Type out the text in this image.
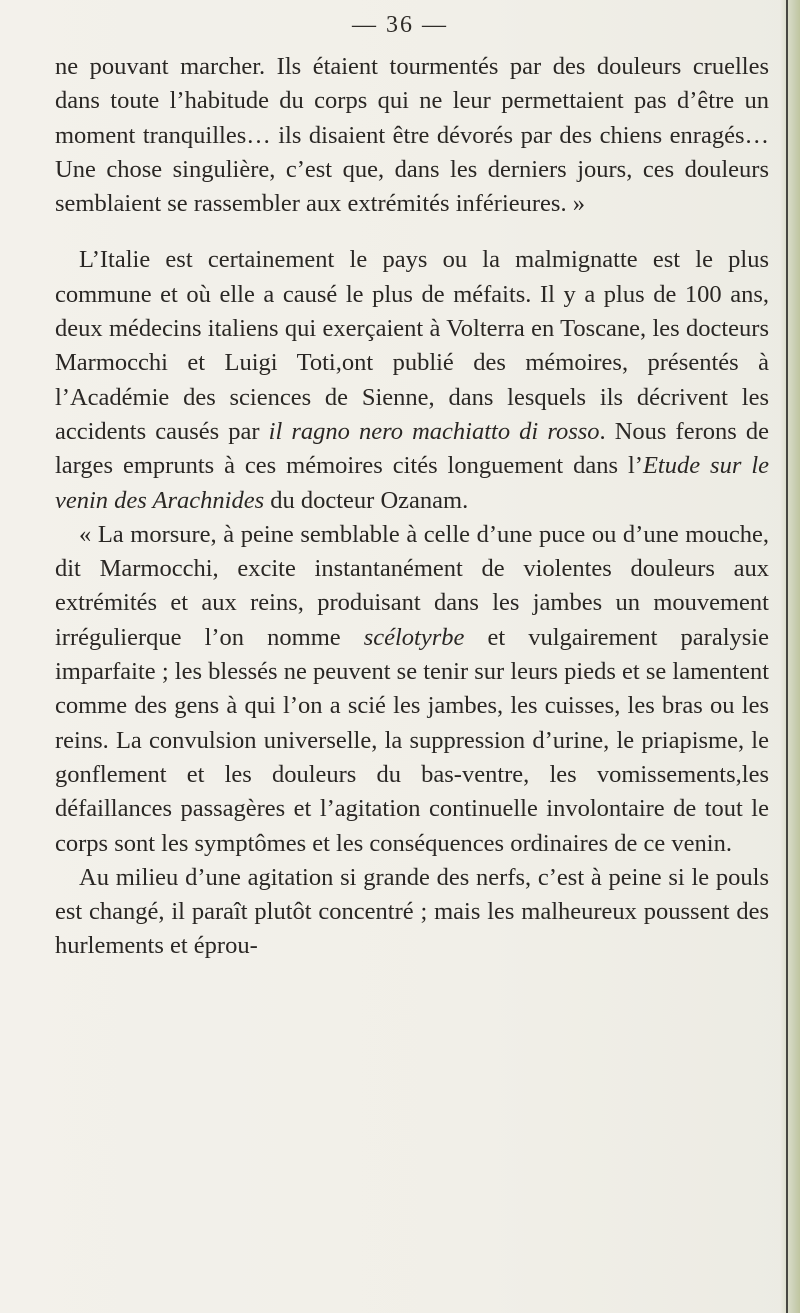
— 36 —

ne pouvant marcher. Ils étaient tourmentés par des douleurs cruelles dans toute l’habitude du corps qui ne leur permettaient pas d’être un moment tranquilles… ils disaient être dévorés par des chiens enragés… Une chose singulière, c’est que, dans les derniers jours, ces douleurs semblaient se rassembler aux extrémités inférieures. »

L’Italie est certainement le pays ou la malmignatte est le plus commune et où elle a causé le plus de méfaits. Il y a plus de 100 ans, deux médecins italiens qui exerçaient à Volterra en Toscane, les docteurs Marmocchi et Luigi Toti,ont publié des mémoires, présentés à l’Académie des sciences de Sienne, dans lesquels ils décrivent les accidents causés par il ragno nero machiatto di rosso. Nous ferons de larges emprunts à ces mémoires cités longuement dans l’Etude sur le venin des Arachnides du docteur Ozanam.

« La morsure, à peine semblable à celle d’une puce ou d’une mouche, dit Marmocchi, excite instantanément de violentes douleurs aux extrémités et aux reins, produisant dans les jambes un mouvement irrégulierque l’on nomme scélotyrbe et vulgairement paralysie imparfaite ; les blessés ne peuvent se tenir sur leurs pieds et se lamentent comme des gens à qui l’on a scié les jambes, les cuisses, les bras ou les reins. La convulsion universelle, la suppression d’urine, le priapisme, le gonflement et les douleurs du bas-ventre, les vomissements,les défaillances passagères et l’agitation continuelle involontaire de tout le corps sont les symptômes et les conséquences ordinaires de ce venin.

Au milieu d’une agitation si grande des nerfs, c’est à peine si le pouls est changé, il paraît plutôt concentré ; mais les malheureux poussent des hurlements et éprou-
